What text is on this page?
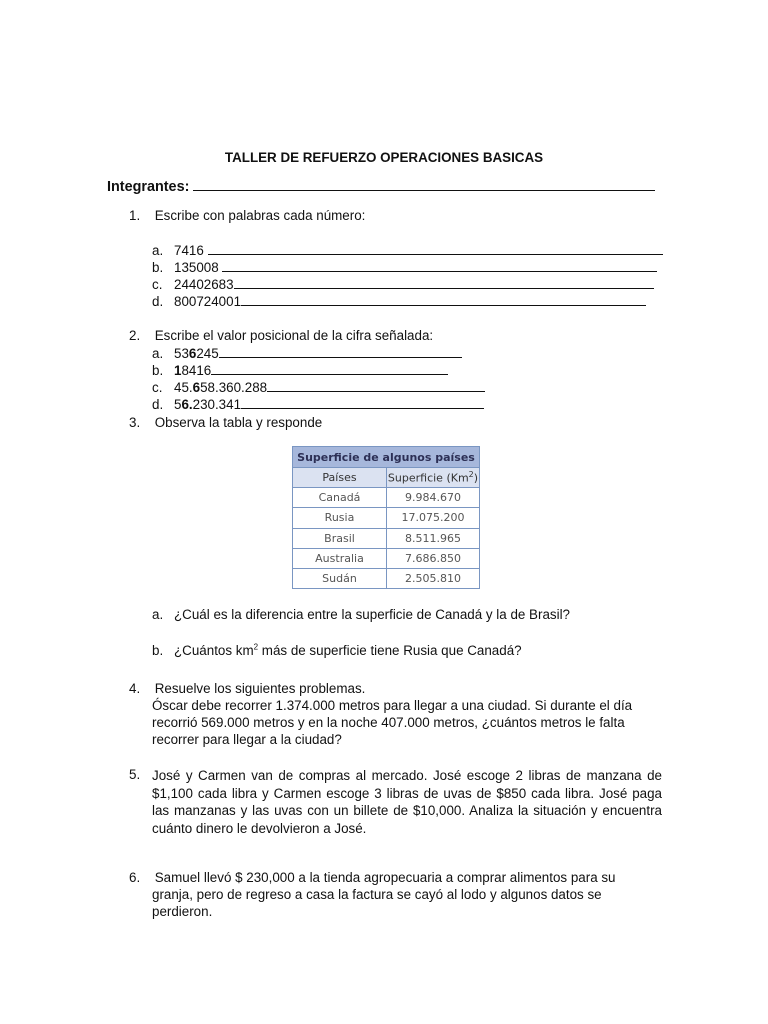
TALLER DE REFUERZO OPERACIONES BASICAS
Integrantes:
1. Escribe con palabras cada número:
a. 7416
b. 135008
c. 24402683
d. 800724001
2. Escribe el valor posicional de la cifra señalada:
a. 536245
b. 18416
c. 45.658.360.288
d. 56.230.341
3. Observa la tabla y responde
Superficie de algunos países	
Países	Superficie (Km$^2$)
Canadá	9.984.670
Rusia	17.075.200
Brasil	8.511.965
Australia	7.686.850
Sudán	2.505.810
a. ¿Cuál es la diferencia entre la superficie de Canadá y la de Brasil?
b. ¿Cuántos $km^2$ más de superficie tiene Rusia que Canadá?
4. Resuelve los siguientes problemas.
Óscar debe recorrer 1.374.000 metros para llegar a una ciudad. Si durante el día
recorrió 569.000 metros y en la noche 407.000 metros, ¿cuántos metros le falta
recorrer para llegar a la ciudad?
5. José y Carmen van de compras al mercado. José escoge 2 libras de manzana de $1,100 cada libra y Carmen escoge 3 libras de uvas de $850 cada libra. José paga las manzanas y las uvas con un billete de $10,000. Analiza la situación y encuentra cuánto dinero le devolvieron a José.
6. Samuel llevó $ 230,000 a la tienda agropecuaria a comprar alimentos para su
granja, pero de regreso a casa la factura se cayó al lodo y algunos datos se
perdieron.
